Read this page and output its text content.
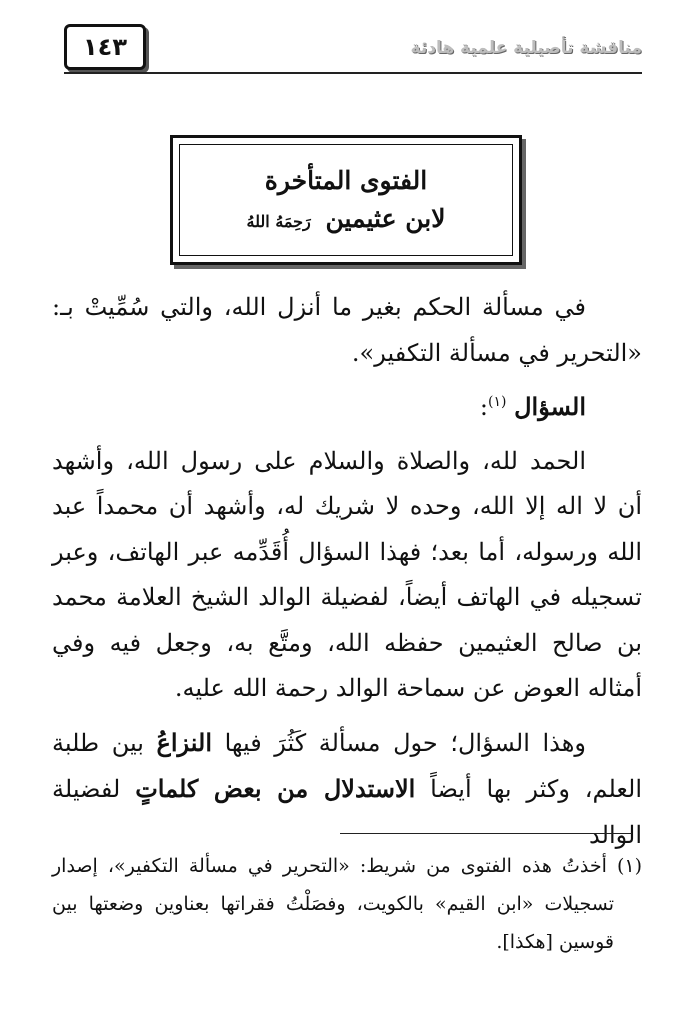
١٤٣	مناقشة تأصيلية علمية هادئة
الفتوى المتأخرة
لابن عثيمين رَحِمَهُ اللهُ

في مسألة الحكم بغير ما أنزل الله، والتي سُمِّيتْ بـ: «التحرير في مسألة التكفير».

السؤال $^{(١)}$:

الحمد لله، والصلاة والسلام على رسول الله، وأشهد أن لا اله إلا الله، وحده لا شريك له، وأشهد أن محمداً عبد الله ورسوله، أما بعد؛ فهذا السؤال أُقَدِّمه عبر الهاتف، وعبر تسجيله في الهاتف أيضاً، لفضيلة الوالد الشيخ العلامة محمد بن صالح العثيمين حفظه الله، ومتَّع به، وجعل فيه وفي أمثاله العوض عن سماحة الوالد رحمة الله عليه.

وهذا السؤال؛ حول مسألة كَثُرَ فيها النزاعُ بين طلبة العلم، وكثر بها أيضاً الاستدلال من بعض كلماتٍ لفضيلة الوالد

(١) أخذتُ هذه الفتوى من شريط: «التحرير في مسألة التكفير»، إصدار تسجيلات «ابن القيم» بالكويت، وفصَلْتُ فقراتها بعناوين وضعتها بين قوسين [هكذا].
